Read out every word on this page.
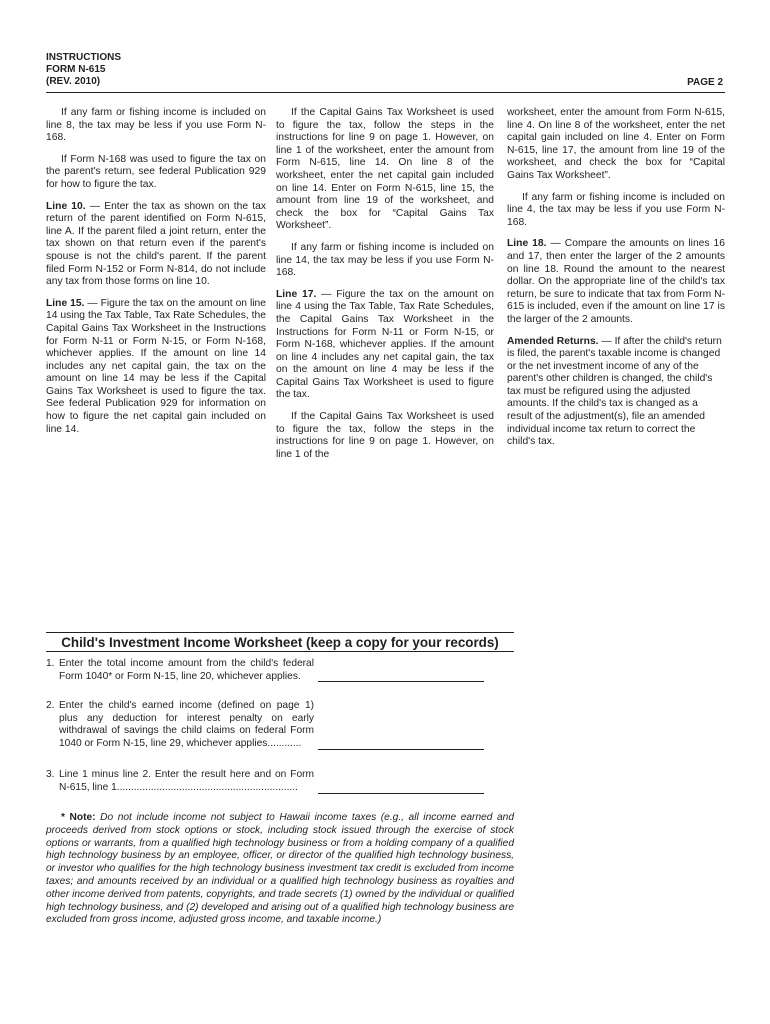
INSTRUCTIONS
FORM N-615
(REV. 2010)	PAGE 2

If any farm or fishing income is included on line 8, the tax may be less if you use Form N-168.

If Form N-168 was used to figure the tax on the parent's return, see federal Publication 929 for how to figure the tax.

Line 10. — Enter the tax as shown on the tax return of the parent identified on Form N-615, line A. If the parent filed a joint return, enter the tax shown on that return even if the parent's spouse is not the child's parent. If the parent filed Form N-152 or Form N-814, do not include any tax from those forms on line 10.

Line 15. — Figure the tax on the amount on line 14 using the Tax Table, Tax Rate Schedules, the Capital Gains Tax Worksheet in the Instructions for Form N-11 or Form N-15, or Form N-168, whichever applies. If the amount on line 14 includes any net capital gain, the tax on the amount on line 14 may be less if the Capital Gains Tax Worksheet is used to figure the tax. See federal Publication 929 for information on how to figure the net capital gain included on line 14.

If the Capital Gains Tax Worksheet is used to figure the tax, follow the steps in the instructions for line 9 on page 1. However, on line 1 of the worksheet, enter the amount from Form N-615, line 14. On line 8 of the worksheet, enter the net capital gain included on line 14. Enter on Form N-615, line 15, the amount from line 19 of the worksheet, and check the box for “Capital Gains Tax Worksheet”.

If any farm or fishing income is included on line 14, the tax may be less if you use Form N-168.

Line 17. — Figure the tax on the amount on line 4 using the Tax Table, Tax Rate Schedules, the Capital Gains Tax Worksheet in the Instructions for Form N-11 or Form N-15, or Form N-168, whichever applies. If the amount on line 4 includes any net capital gain, the tax on the amount on line 4 may be less if the Capital Gains Tax Worksheet is used to figure the tax.

If the Capital Gains Tax Worksheet is used to figure the tax, follow the steps in the instructions for line 9 on page 1. However, on line 1 of the

worksheet, enter the amount from Form N-615, line 4. On line 8 of the worksheet, enter the net capital gain included on line 4. Enter on Form N-615, line 17, the amount from line 19 of the worksheet, and check the box for “Capital Gains Tax Worksheet”.

If any farm or fishing income is included on line 4, the tax may be less if you use Form N-168.

Line 18. — Compare the amounts on lines 16 and 17, then enter the larger of the 2 amounts on line 18. Round the amount to the nearest dollar. On the appropriate line of the child's tax return, be sure to indicate that tax from Form N-615 is included, even if the amount on line 17 is the larger of the 2 amounts.

Amended Returns. — If after the child's return is filed, the parent's taxable income is changed or the net investment income of any of the parent's other children is changed, the child's tax must be refigured using the adjusted amounts. If the child's tax is changed as a result of the adjustment(s), file an amended individual income tax return to correct the child's tax.

Child's Investment Income Worksheet (keep a copy for your records)
1. Enter the total income amount from the child's federal Form 1040* or Form N-15, line 20, whichever applies.
2. Enter the child's earned income (defined on page 1) plus any deduction for interest penalty on early withdrawal of savings the child claims on federal Form 1040 or Form N-15, line 29, whichever applies............
3. Line 1 minus line 2. Enter the result here and on Form N-615, line 1................................................................
* Note: Do not include income not subject to Hawaii income taxes (e.g., all income earned and proceeds derived from stock options or stock, including stock issued through the exercise of stock options or warrants, from a qualified high technology business or from a holding company of a qualified high technology business by an employee, officer, or director of the qualified high technology business, or investor who qualifies for the high technology business investment tax credit is excluded from income taxes; and amounts received by an individual or a qualified high technology business as royalties and other income derived from patents, copyrights, and trade secrets (1) owned by the individual or qualified high technology business, and (2) developed and arising out of a qualified high technology business are excluded from gross income, adjusted gross income, and taxable income.)
